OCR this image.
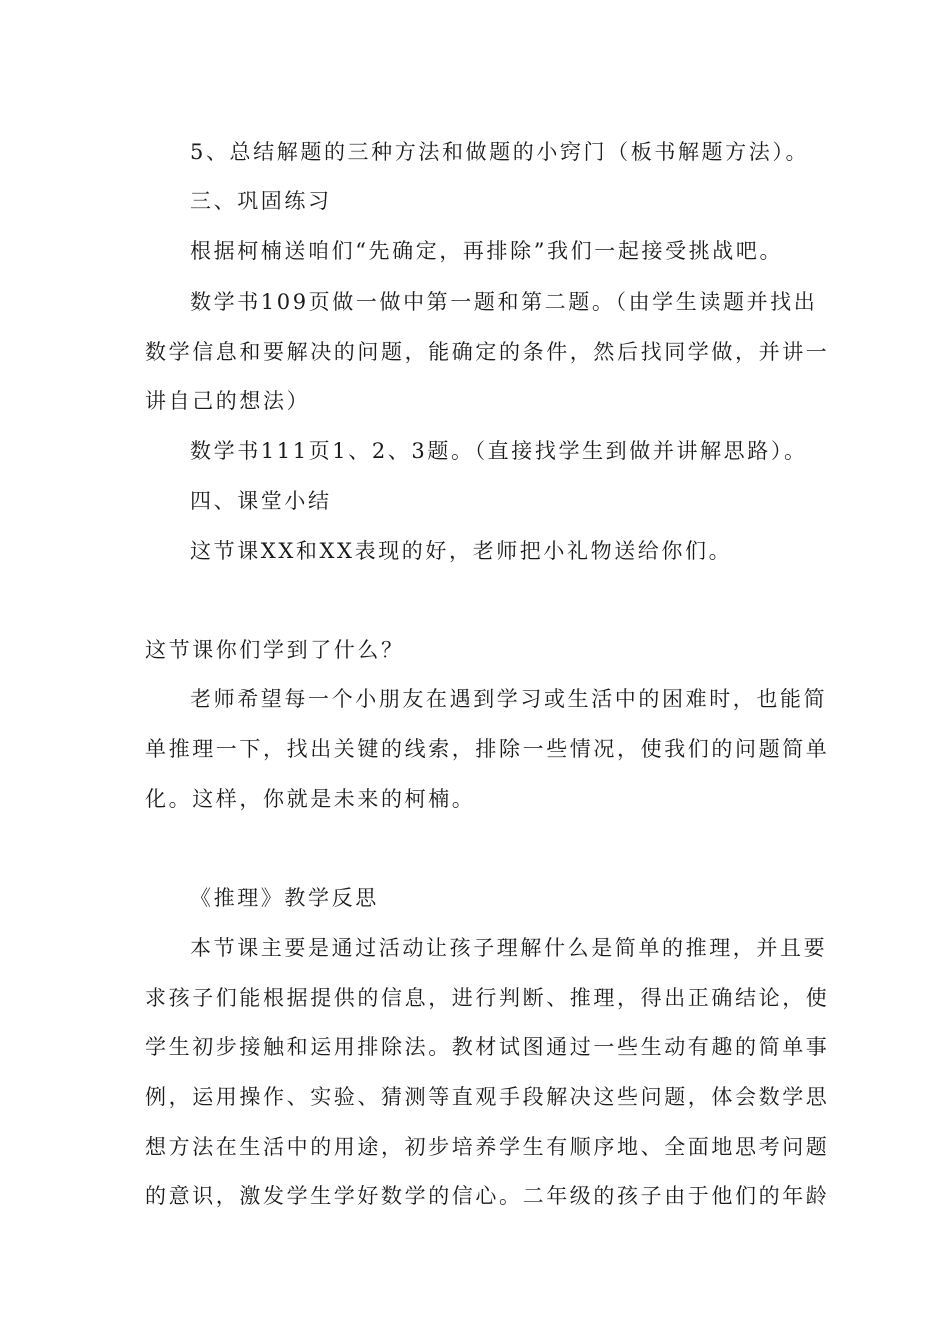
5、总结解题的三种方法和做题的小窍门（板书解题方法）。
三、巩固练习
根据柯楠送咱们“先确定，再排除”我们一起接受挑战吧。
数学书109页做一做中第一题和第二题。（由学生读题并找出
数学信息和要解决的问题，能确定的条件，然后找同学做，并讲一
讲自己的想法）
数学书111页1、2、3题。（直接找学生到做并讲解思路）。
四、课堂小结
这节课XX和XX表现的好，老师把小礼物送给你们。
这节课你们学到了什么？
老师希望每一个小朋友在遇到学习或生活中的困难时，也能简
单推理一下，找出关键的线索，排除一些情况，使我们的问题简单
化。这样，你就是未来的柯楠。
《推理》教学反思
本节课主要是通过活动让孩子理解什么是简单的推理，并且要
求孩子们能根据提供的信息，进行判断、推理，得出正确结论，使
学生初步接触和运用排除法。教材试图通过一些生动有趣的简单事
例，运用操作、实验、猜测等直观手段解决这些问题，体会数学思
想方法在生活中的用途，初步培养学生有顺序地、全面地思考问题
的意识，激发学生学好数学的信心。二年级的孩子由于他们的年龄
